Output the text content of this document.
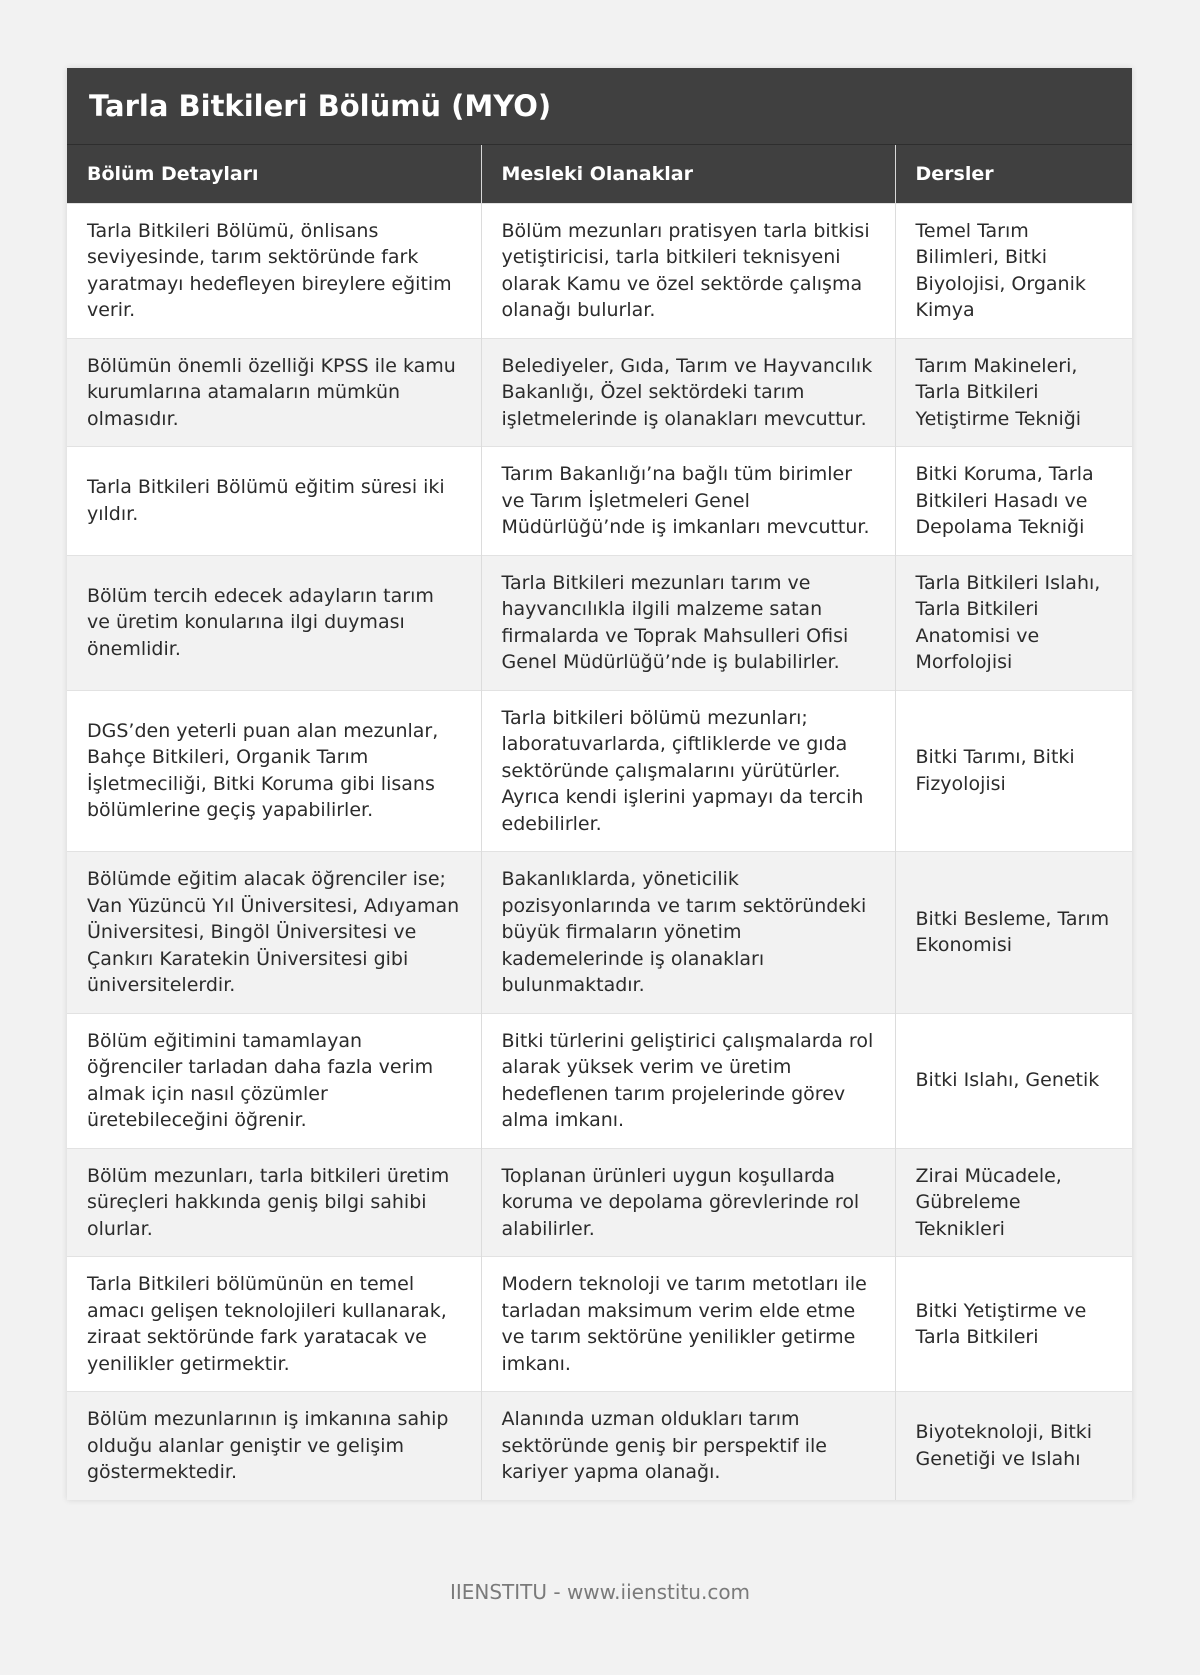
Tarla Bitkileri Bölümü (MYO)
Bölüm Detayları	Mesleki Olanaklar	Dersler
Tarla Bitkileri Bölümü, önlisans seviyesinde, tarım sektöründe fark yaratmayı hedefleyen bireylere eğitim verir.	Bölüm mezunları pratisyen tarla bitkisi yetiştiricisi, tarla bitkileri teknisyeni olarak Kamu ve özel sektörde çalışma olanağı bulurlar.	Temel Tarım Bilimleri, Bitki Biyolojisi, Organik Kimya
Bölümün önemli özelliği KPSS ile kamu kurumlarına atamaların mümkün olmasıdır.	Belediyeler, Gıda, Tarım ve Hayvancılık Bakanlığı, Özel sektördeki tarım işletmelerinde iş olanakları mevcuttur.	Tarım Makineleri, Tarla Bitkileri Yetiştirme Tekniği
Tarla Bitkileri Bölümü eğitim süresi iki yıldır.	Tarım Bakanlığı’na bağlı tüm birimler ve Tarım İşletmeleri Genel Müdürlüğü’nde iş imkanları mevcuttur.	Bitki Koruma, Tarla Bitkileri Hasadı ve Depolama Tekniği
Bölüm tercih edecek adayların tarım ve üretim konularına ilgi duyması önemlidir.	Tarla Bitkileri mezunları tarım ve hayvancılıkla ilgili malzeme satan firmalarda ve Toprak Mahsulleri Ofisi Genel Müdürlüğü’nde iş bulabilirler.	Tarla Bitkileri Islahı, Tarla Bitkileri Anatomisi ve Morfolojisi
DGS’den yeterli puan alan mezunlar, Bahçe Bitkileri, Organik Tarım İşletmeciliği, Bitki Koruma gibi lisans bölümlerine geçiş yapabilirler.	Tarla bitkileri bölümü mezunları; laboratuvarlarda, çiftliklerde ve gıda sektöründe çalışmalarını yürütürler. Ayrıca kendi işlerini yapmayı da tercih edebilirler.	Bitki Tarımı, Bitki Fizyolojisi
Bölümde eğitim alacak öğrenciler ise; Van Yüzüncü Yıl Üniversitesi, Adıyaman Üniversitesi, Bingöl Üniversitesi ve Çankırı Karatekin Üniversitesi gibi üniversitelerdir.	Bakanlıklarda, yöneticilik pozisyonlarında ve tarım sektöründeki büyük firmaların yönetim kademelerinde iş olanakları bulunmaktadır.	Bitki Besleme, Tarım Ekonomisi
Bölüm eğitimini tamamlayan öğrenciler tarladan daha fazla verim almak için nasıl çözümler üretebileceğini öğrenir.	Bitki türlerini geliştirici çalışmalarda rol alarak yüksek verim ve üretim hedeflenen tarım projelerinde görev alma imkanı.	Bitki Islahı, Genetik
Bölüm mezunları, tarla bitkileri üretim süreçleri hakkında geniş bilgi sahibi olurlar.	Toplanan ürünleri uygun koşullarda koruma ve depolama görevlerinde rol alabilirler.	Zirai Mücadele, Gübreleme Teknikleri
Tarla Bitkileri bölümünün en temel amacı gelişen teknolojileri kullanarak, ziraat sektöründe fark yaratacak ve yenilikler getirmektir.	Modern teknoloji ve tarım metotları ile tarladan maksimum verim elde etme ve tarım sektörüne yenilikler getirme imkanı.	Bitki Yetiştirme ve Tarla Bitkileri
Bölüm mezunlarının iş imkanına sahip olduğu alanlar geniştir ve gelişim göstermektedir.	Alanında uzman oldukları tarım sektöründe geniş bir perspektif ile kariyer yapma olanağı.	Biyoteknoloji, Bitki Genetiği ve Islahı
IIENSTITU - www.iienstitu.com
